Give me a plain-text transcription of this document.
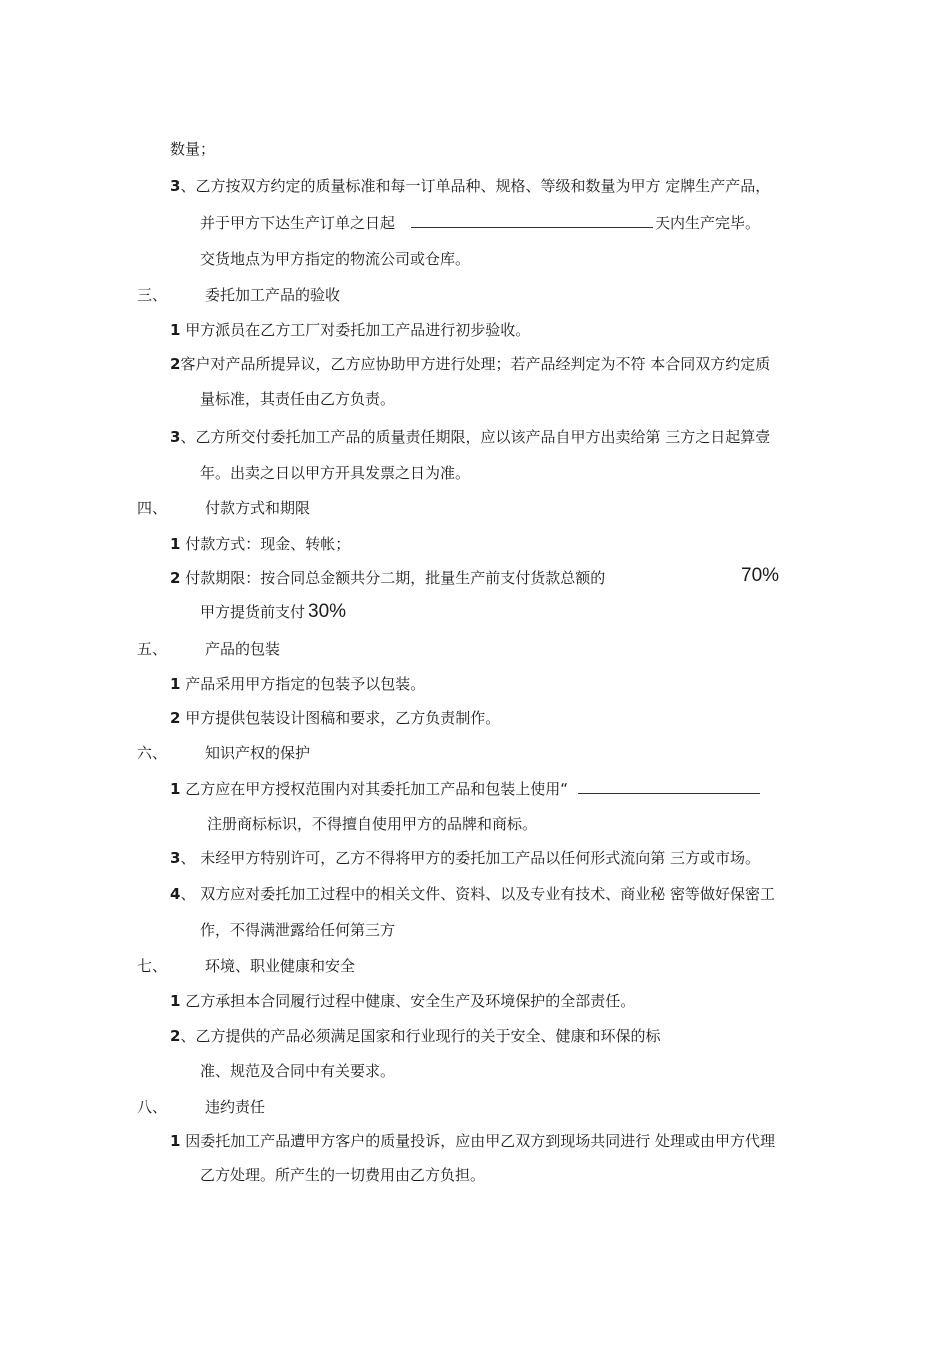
数量；
3、乙方按双方约定的质量标准和每一订单品种、规格、等级和数量为甲方 定牌生产产品，
并于甲方下达生产订单之日起	天内生产完毕。
交货地点为甲方指定的物流公司或仓库。
三、	委托加工产品的验收
1 甲方派员在乙方工厂对委托加工产品进行初步验收。
2客户对产品所提异议，乙方应协助甲方进行处理；若产品经判定为不符 本合同双方约定质
量标准，其责任由乙方负责。
3、乙方所交付委托加工产品的质量责任期限，应以该产品自甲方出卖给第 三方之日起算壹
年。出卖之日以甲方开具发票之日为准。
四、	付款方式和期限
1 付款方式：现金、转帐；
2 付款期限：按合同总金额共分二期，批量生产前支付货款总额的	70%
甲方提货前支付 30%
五、	产品的包装
1 产品采用甲方指定的包装予以包装。
2 甲方提供包装设计图稿和要求，乙方负责制作。
六、	知识产权的保护
1 乙方应在甲方授权范围内对其委托加工产品和包装上使用“
注册商标标识，不得擅自使用甲方的品牌和商标。
3、 未经甲方特别许可，乙方不得将甲方的委托加工产品以任何形式流向第 三方或市场。
4、 双方应对委托加工过程中的相关文件、资料、以及专业有技术、商业秘 密等做好保密工
作，不得满泄露给任何第三方
七、	环境、职业健康和安全
1 乙方承担本合同履行过程中健康、安全生产及环境保护的全部责任。
2、乙方提供的产品必须满足国家和行业现行的关于安全、健康和环保的标
准、规范及合同中有关要求。
八、	违约责任
1 因委托加工产品遭甲方客户的质量投诉，应由甲乙双方到现场共同进行 处理或由甲方代理
乙方处理。所产生的一切费用由乙方负担。
